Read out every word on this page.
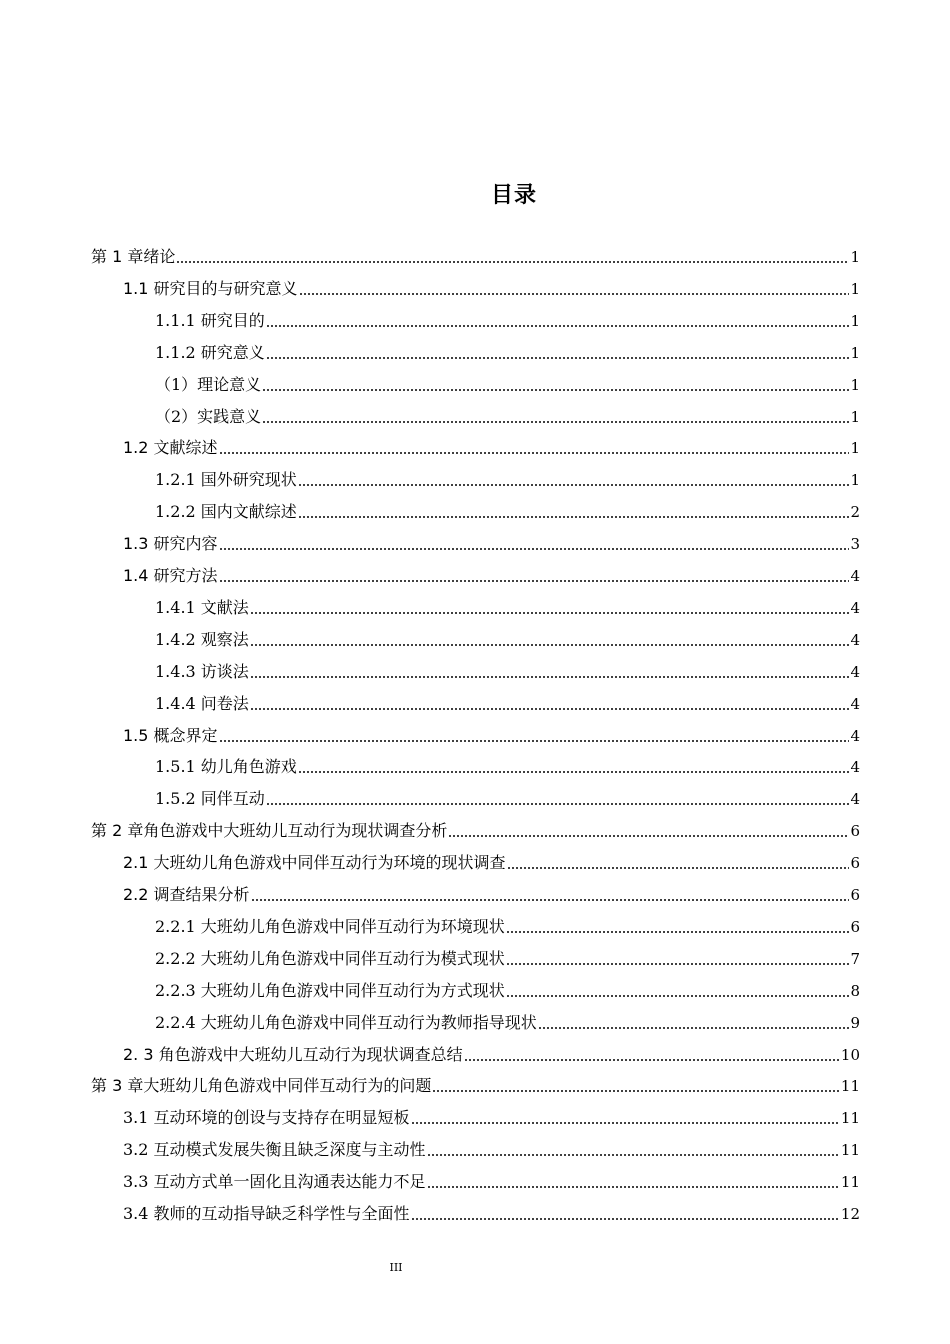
目录
第 1 章绪论	1
1.1 研究目的与研究意义	1
1.1.1 研究目的	1
1.1.2 研究意义	1
（1）理论意义	1
（2）实践意义	1
1.2 文献综述	1
1.2.1 国外研究现状	1
1.2.2 国内文献综述	2
1.3 研究内容	3
1.4 研究方法	4
1.4.1 文献法	4
1.4.2 观察法	4
1.4.3 访谈法	4
1.4.4 问卷法	4
1.5 概念界定	4
1.5.1 幼儿角色游戏	4
1.5.2 同伴互动	4
第 2 章角色游戏中大班幼儿互动行为现状调查分析	6
2.1 大班幼儿角色游戏中同伴互动行为环境的现状调查	6
2.2 调查结果分析	6
2.2.1 大班幼儿角色游戏中同伴互动行为环境现状	6
2.2.2 大班幼儿角色游戏中同伴互动行为模式现状	7
2.2.3 大班幼儿角色游戏中同伴互动行为方式现状	8
2.2.4 大班幼儿角色游戏中同伴互动行为教师指导现状	9
2. 3 角色游戏中大班幼儿互动行为现状调查总结	10
第 3 章大班幼儿角色游戏中同伴互动行为的问题	11
3.1 互动环境的创设与支持存在明显短板	11
3.2 互动模式发展失衡且缺乏深度与主动性	11
3.3 互动方式单一固化且沟通表达能力不足	11
3.4 教师的互动指导缺乏科学性与全面性	12
III
